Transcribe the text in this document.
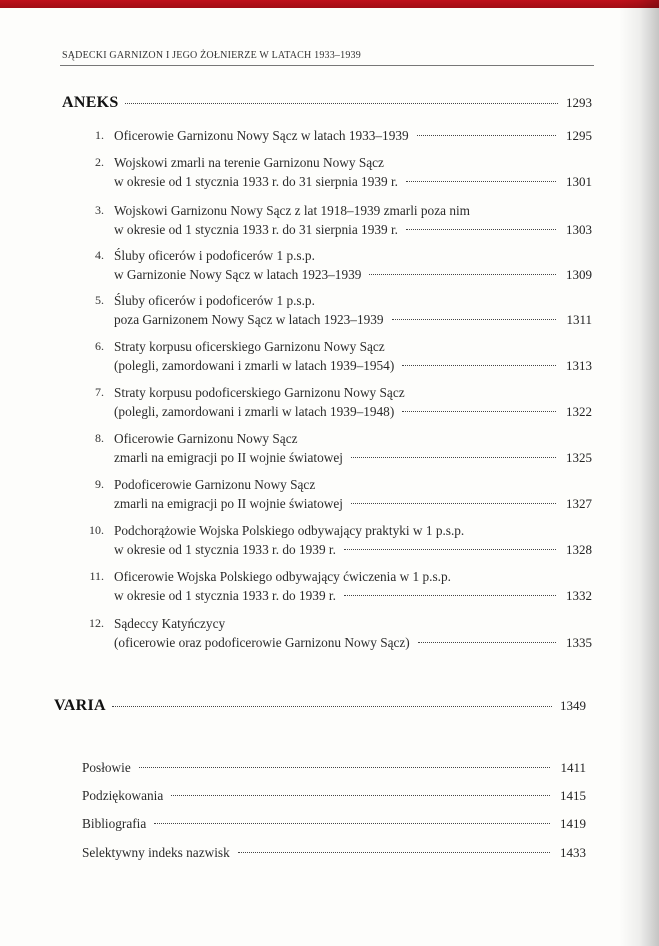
SĄDECKI GARNIZON I JEGO ŻOŁNIERZE W LATACH 1933–1939
ANEKS	1293
1. Oficerowie Garnizonu Nowy Sącz w latach 1933–1939	1295
2. Wojskowi zmarli na terenie Garnizonu Nowy Sącz
w okresie od 1 stycznia 1933 r. do 31 sierpnia 1939 r.	1301
3. Wojskowi Garnizonu Nowy Sącz z lat 1918–1939 zmarli poza nim
w okresie od 1 stycznia 1933 r. do 31 sierpnia 1939 r.	1303
4. Śluby oficerów i podoficerów 1 p.s.p.
w Garnizonie Nowy Sącz w latach 1923–1939	1309
5. Śluby oficerów i podoficerów 1 p.s.p.
poza Garnizonem Nowy Sącz w latach 1923–1939	1311
6. Straty korpusu oficerskiego Garnizonu Nowy Sącz
(polegli, zamordowani i zmarli w latach 1939–1954)	1313
7. Straty korpusu podoficerskiego Garnizonu Nowy Sącz
(polegli, zamordowani i zmarli w latach 1939–1948)	1322
8. Oficerowie Garnizonu Nowy Sącz
zmarli na emigracji po II wojnie światowej	1325
9. Podoficerowie Garnizonu Nowy Sącz
zmarli na emigracji po II wojnie światowej	1327
10. Podchorążowie Wojska Polskiego odbywający praktyki w 1 p.s.p.
w okresie od 1 stycznia 1933 r. do 1939 r.	1328
11. Oficerowie Wojska Polskiego odbywający ćwiczenia w 1 p.s.p.
w okresie od 1 stycznia 1933 r. do 1939 r.	1332
12. Sądeccy Katyńczycy
(oficerowie oraz podoficerowie Garnizonu Nowy Sącz)	1335
VARIA	1349
Posłowie	1411
Podziękowania	1415
Bibliografia	1419
Selektywny indeks nazwisk	1433
